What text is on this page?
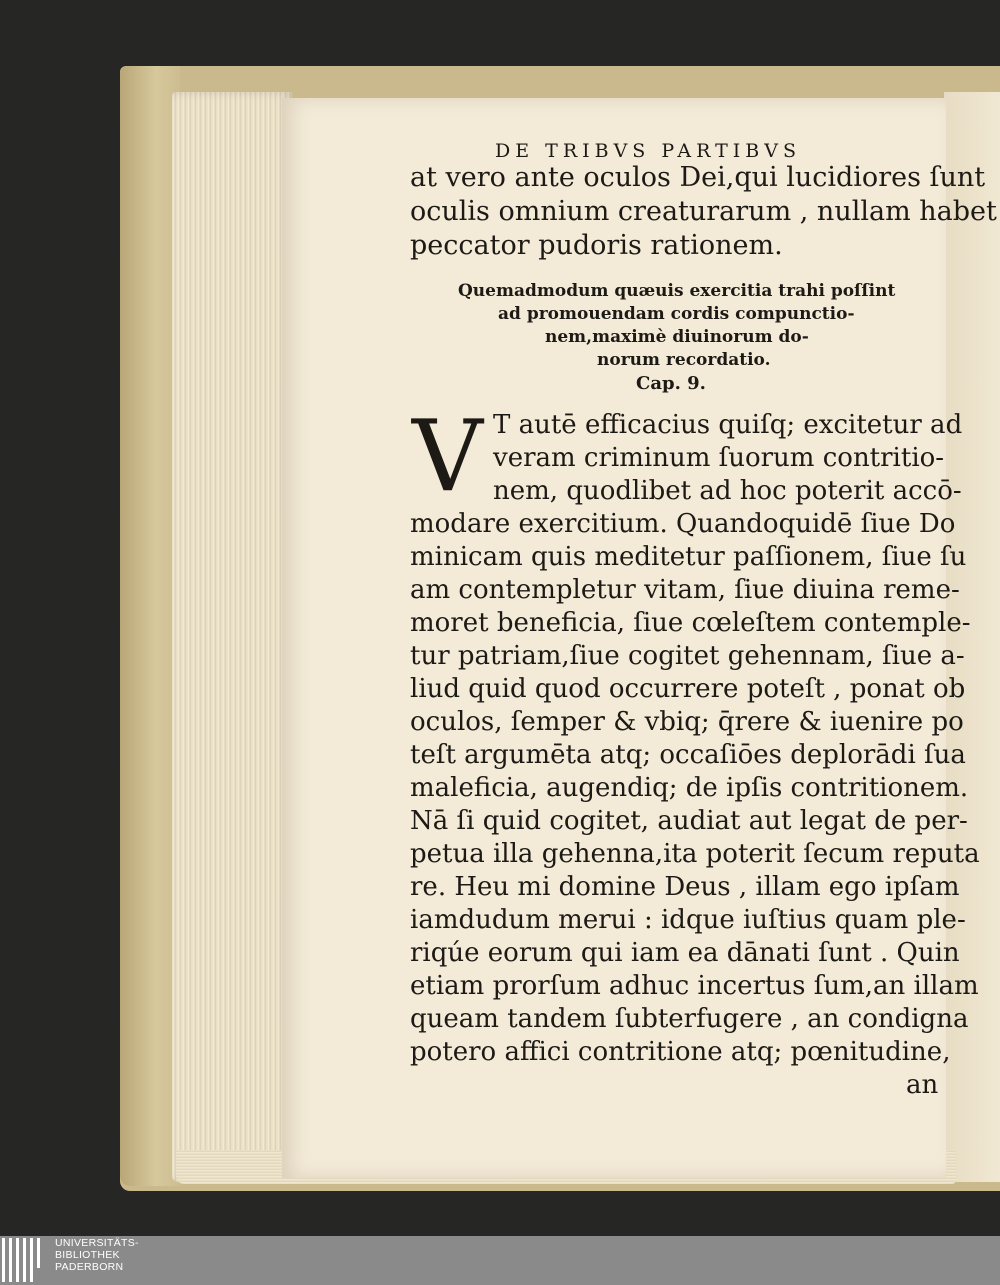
DE TRIBVS PARTIBVS
at vero ante oculos Dei,qui lucidiores ſunt
oculis omnium creaturarum , nullam habet
peccator pudoris rationem.
Quemadmodum quæuis exercitia trahi poſſint
ad promouendam cordis compunctio-
nem,maximè diuinorum do-
norum recordatio.
Cap. 9.
V T autē efficacius quiſq; excitetur ad
veram criminum ſuorum contritio-
nem, quodlibet ad hoc poterit accō-
modare exercitium. Quandoquidē ſiue Do
minicam quis meditetur paſſionem, ſiue ſu
am contempletur vitam, ſiue diuina reme-
moret beneficia, ſiue cœleſtem contemple-
tur patriam,ſiue cogitet gehennam, ſiue a-
liud quid quod occurrere poteſt , ponat ob
oculos, ſemper & vbiq; q̄rere & iuenire po
teſt argumēta atq; occaſiōes deplorādi ſua
maleficia, augendiq; de ipſis contritionem.
Nā ſi quid cogitet, audiat aut legat de per-
petua illa gehenna,ita poterit ſecum reputa
re. Heu mi domine Deus , illam ego ipſam
iamdudum merui : idque iuſtius quam ple-
riqúe eorum qui iam ea dānati ſunt . Quin
etiam prorſum adhuc incertus ſum,an illam
queam tandem ſubterfugere , an condigna
potero affici contritione atq; pœnitudine,
an
UNIVERSITÄTS-
BIBLIOTHEK
PADERBORN
